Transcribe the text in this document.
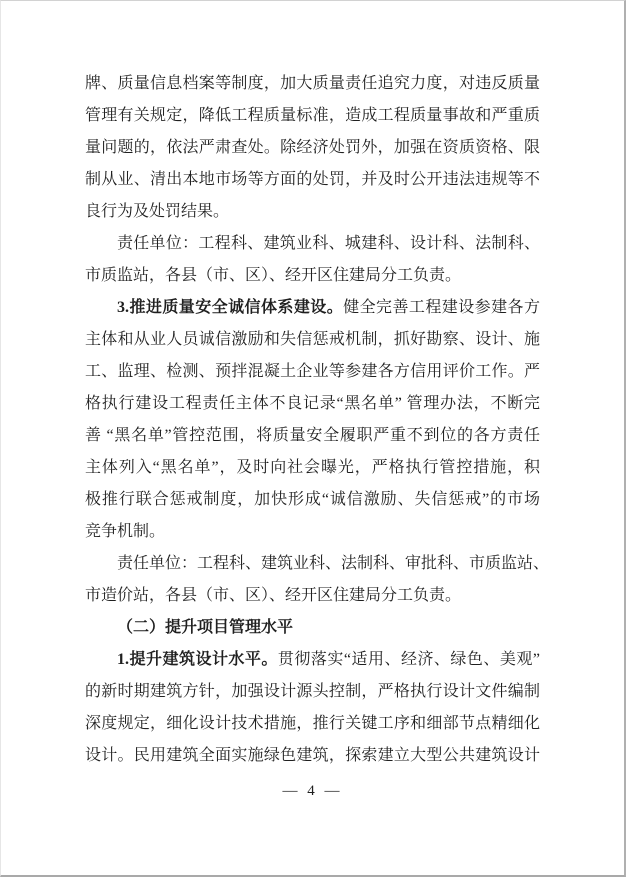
牌、质量信息档案等制度，加大质量责任追究力度，对违反质量
管理有关规定，降低工程质量标准，造成工程质量事故和严重质
量问题的，依法严肃查处。除经济处罚外，加强在资质资格、限
制从业、清出本地市场等方面的处罚，并及时公开违法违规等不
良行为及处罚结果。
责任单位：工程科、建筑业科、城建科、设计科、法制科、
市质监站，各县（市、区）、经开区住建局分工负责。
3.推进质量安全诚信体系建设。健全完善工程建设参建各方
主体和从业人员诚信激励和失信惩戒机制，抓好勘察、设计、施
工、监理、检测、预拌混凝土企业等参建各方信用评价工作。严
格执行建设工程责任主体不良记录“黑名单” 管理办法，不断完
善 “黑名单”管控范围，将质量安全履职严重不到位的各方责任
主体列入“黑名单”，及时向社会曝光，严格执行管控措施，积
极推行联合惩戒制度，加快形成“诚信激励、失信惩戒”的市场
竞争机制。
责任单位：工程科、建筑业科、法制科、审批科、市质监站、
市造价站，各县（市、区）、经开区住建局分工负责。
（二）提升项目管理水平
1.提升建筑设计水平。贯彻落实“适用、经济、绿色、美观”
的新时期建筑方针，加强设计源头控制，严格执行设计文件编制
深度规定，细化设计技术措施，推行关键工序和细部节点精细化
设计。民用建筑全面实施绿色建筑，探索建立大型公共建筑设计
— 4 —
